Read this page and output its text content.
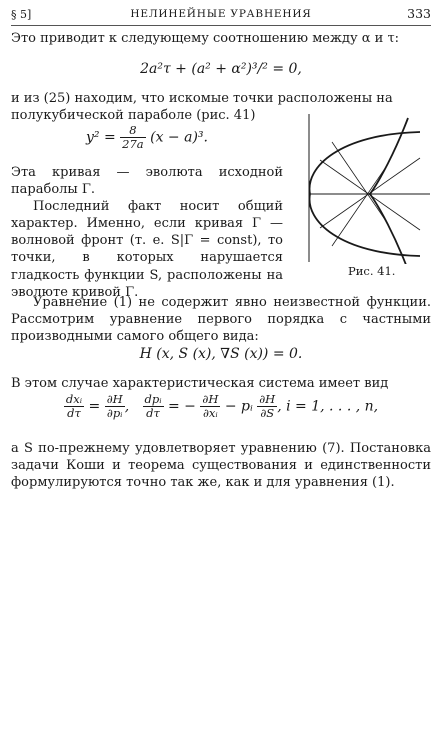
§ 5]	НЕЛИНЕЙНЫЕ УРАВНЕНИЯ	333
Это приводит к следующему соотношению между α и τ:
2a²τ + (a² + α²)³/² = 0,
и из (25) находим, что искомые точки расположены на
полукубической параболе (рис. 41)
$y^2 = \frac{8}{27a} (x - a)^3$.
Эта кривая — эволюта исходной параболы Γ.
Последний факт носит общий характер. Именно, если кривая Γ — волновой фронт (т. е. S|Γ = const), то точки, в которых нарушается гладкость функции S, расположены на эволюте кривой Γ.
Рис. 41.
Уравнение (1) не содержит явно неизвестной функции. Рассмотрим уравнение первого порядка с частными производными самого общего вида:
H (x, S (x), ∇S (x)) = 0.
В этом случае характеристическая система имеет вид
$\frac{\text{dxᵢ}}{d\tau} = \frac{\partial H}{\text{∂pᵢ}}$ , $\frac{\text{dpᵢ}}{d\tau}$ = − $\frac{\partial H}{\text{∂xᵢ}}$ − pᵢ $\frac{\partial H}{\partial S}$ , i = 1, . . . , n,
а S по-прежнему удовлетворяет уравнению (7). Постановка задачи Коши и теорема существования и единственности формулируются точно так же, как и для уравнения (1).
